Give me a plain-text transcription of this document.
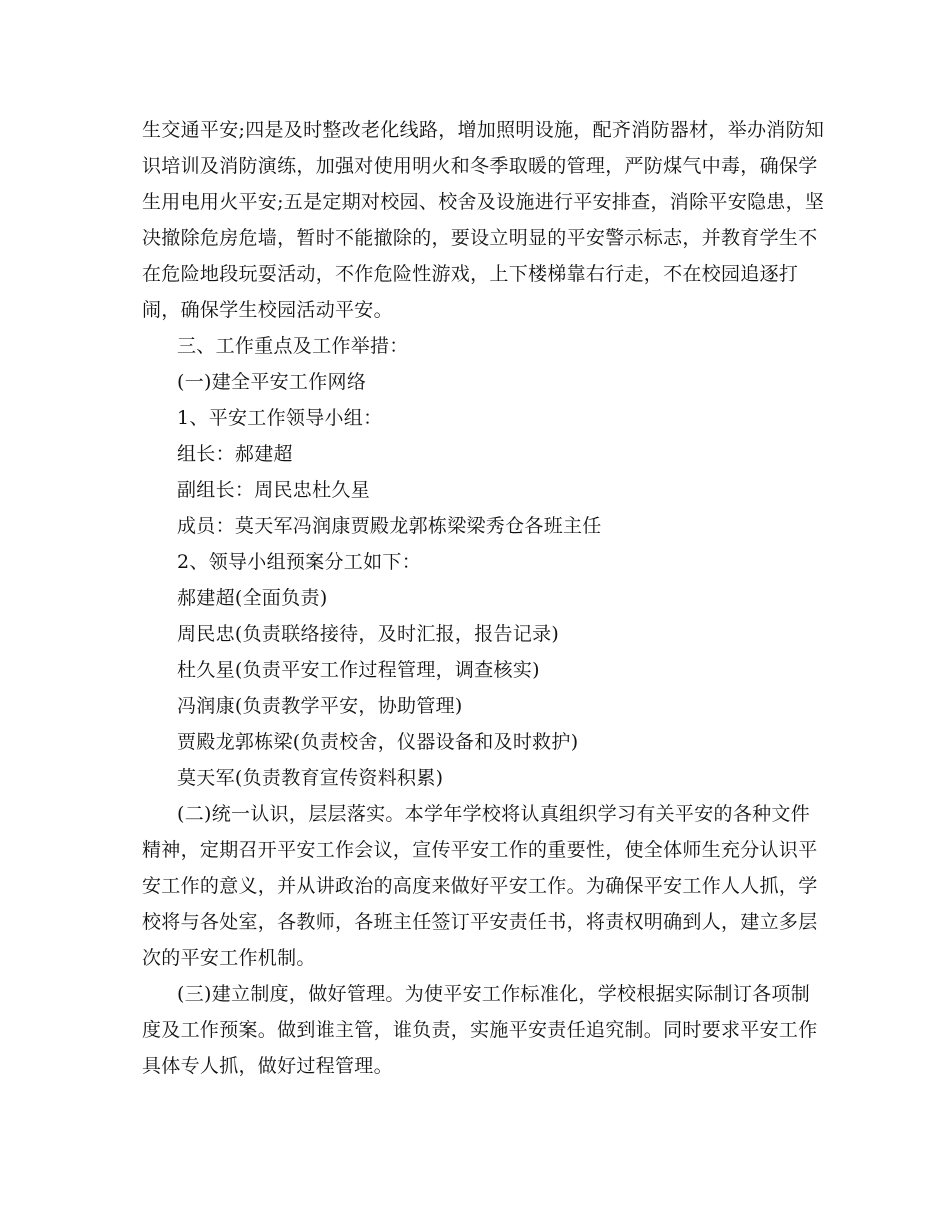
生交通平安;四是及时整改老化线路，增加照明设施，配齐消防器材，举办消防知
识培训及消防演练，加强对使用明火和冬季取暖的管理，严防煤气中毒，确保学
生用电用火平安;五是定期对校园、校舍及设施进行平安排查，消除平安隐患，坚
决撤除危房危墙，暂时不能撤除的，要设立明显的平安警示标志，并教育学生不
在危险地段玩耍活动，不作危险性游戏，上下楼梯靠右行走，不在校园追逐打
闹，确保学生校园活动平安。
三、工作重点及工作举措：
(一)建全平安工作网络
1、平安工作领导小组：
组长：郝建超
副组长：周民忠杜久星
成员：莫天军冯润康贾殿龙郭栋梁梁秀仓各班主任
2、领导小组预案分工如下：
郝建超(全面负责)
周民忠(负责联络接待，及时汇报，报告记录)
杜久星(负责平安工作过程管理，调查核实)
冯润康(负责教学平安，协助管理)
贾殿龙郭栋梁(负责校舍，仪器设备和及时救护)
莫天军(负责教育宣传资料积累)
(二)统一认识，层层落实。本学年学校将认真组织学习有关平安的各种文件
精神，定期召开平安工作会议，宣传平安工作的重要性，使全体师生充分认识平
安工作的意义，并从讲政治的高度来做好平安工作。为确保平安工作人人抓，学
校将与各处室，各教师，各班主任签订平安责任书，将责权明确到人，建立多层
次的平安工作机制。
(三)建立制度，做好管理。为使平安工作标准化，学校根据实际制订各项制
度及工作预案。做到谁主管，谁负责，实施平安责任追究制。同时要求平安工作
具体专人抓，做好过程管理。
